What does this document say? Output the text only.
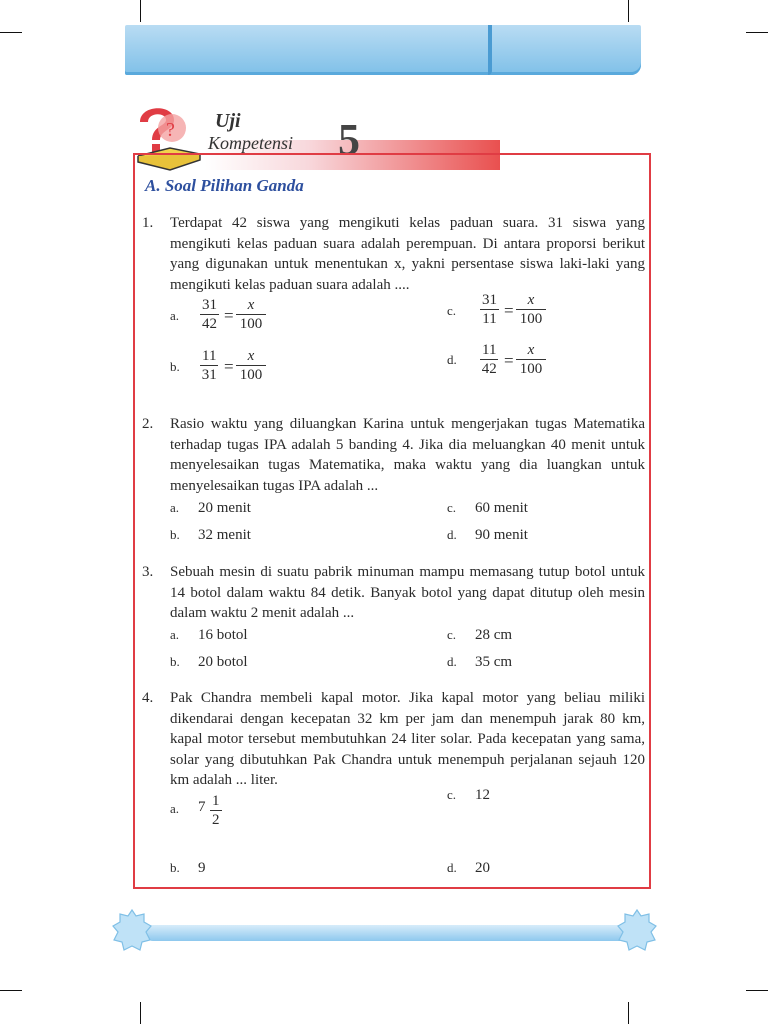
? Uji
Kompetensi 5
A. Soal Pilihan Ganda
1. Terdapat 42 siswa yang mengikuti kelas paduan suara. 31 siswa yang mengikuti kelas paduan suara adalah perempuan. Di antara proporsi berikut yang digunakan untuk menentukan x, yakni persentase siswa laki-laki yang mengikuti kelas paduan suara adalah ....
a.	$\frac{31}{42} = \frac{x}{100}$
b.	$\frac{11}{31} = \frac{x}{100}$
c.	$\frac{31}{11} = \frac{x}{100}$
d.	$\frac{11}{42} = \frac{x}{100}$
2. Rasio waktu yang diluangkan Karina untuk mengerjakan tugas Matematika terhadap tugas IPA adalah 5 banding 4. Jika dia meluangkan 40 menit untuk menyelesaikan tugas Matematika, maka waktu yang dia luangkan untuk menyelesaikan tugas IPA adalah ...
a.	20 menit
b.	32 menit
c.	60 menit
d.	90 menit
3. Sebuah mesin di suatu pabrik minuman mampu memasang tutup botol untuk 14 botol dalam waktu 84 detik. Banyak botol yang dapat ditutup oleh mesin dalam waktu 2 menit adalah ...
a.	16 botol
b.	20 botol
c.	28 cm
d.	35 cm
4. Pak Chandra membeli kapal motor. Jika kapal motor yang beliau miliki dikendarai dengan kecepatan 32 km per jam dan menempuh jarak 80 km, kapal motor tersebut membutuhkan 24 liter solar. Pada kecepatan yang sama, solar yang dibutuhkan Pak Chandra untuk menempuh perjalanan sejauh 120 km adalah ... liter.
a.	$7 \frac{1}{2}$
b.	9
c.	12
d.	20
